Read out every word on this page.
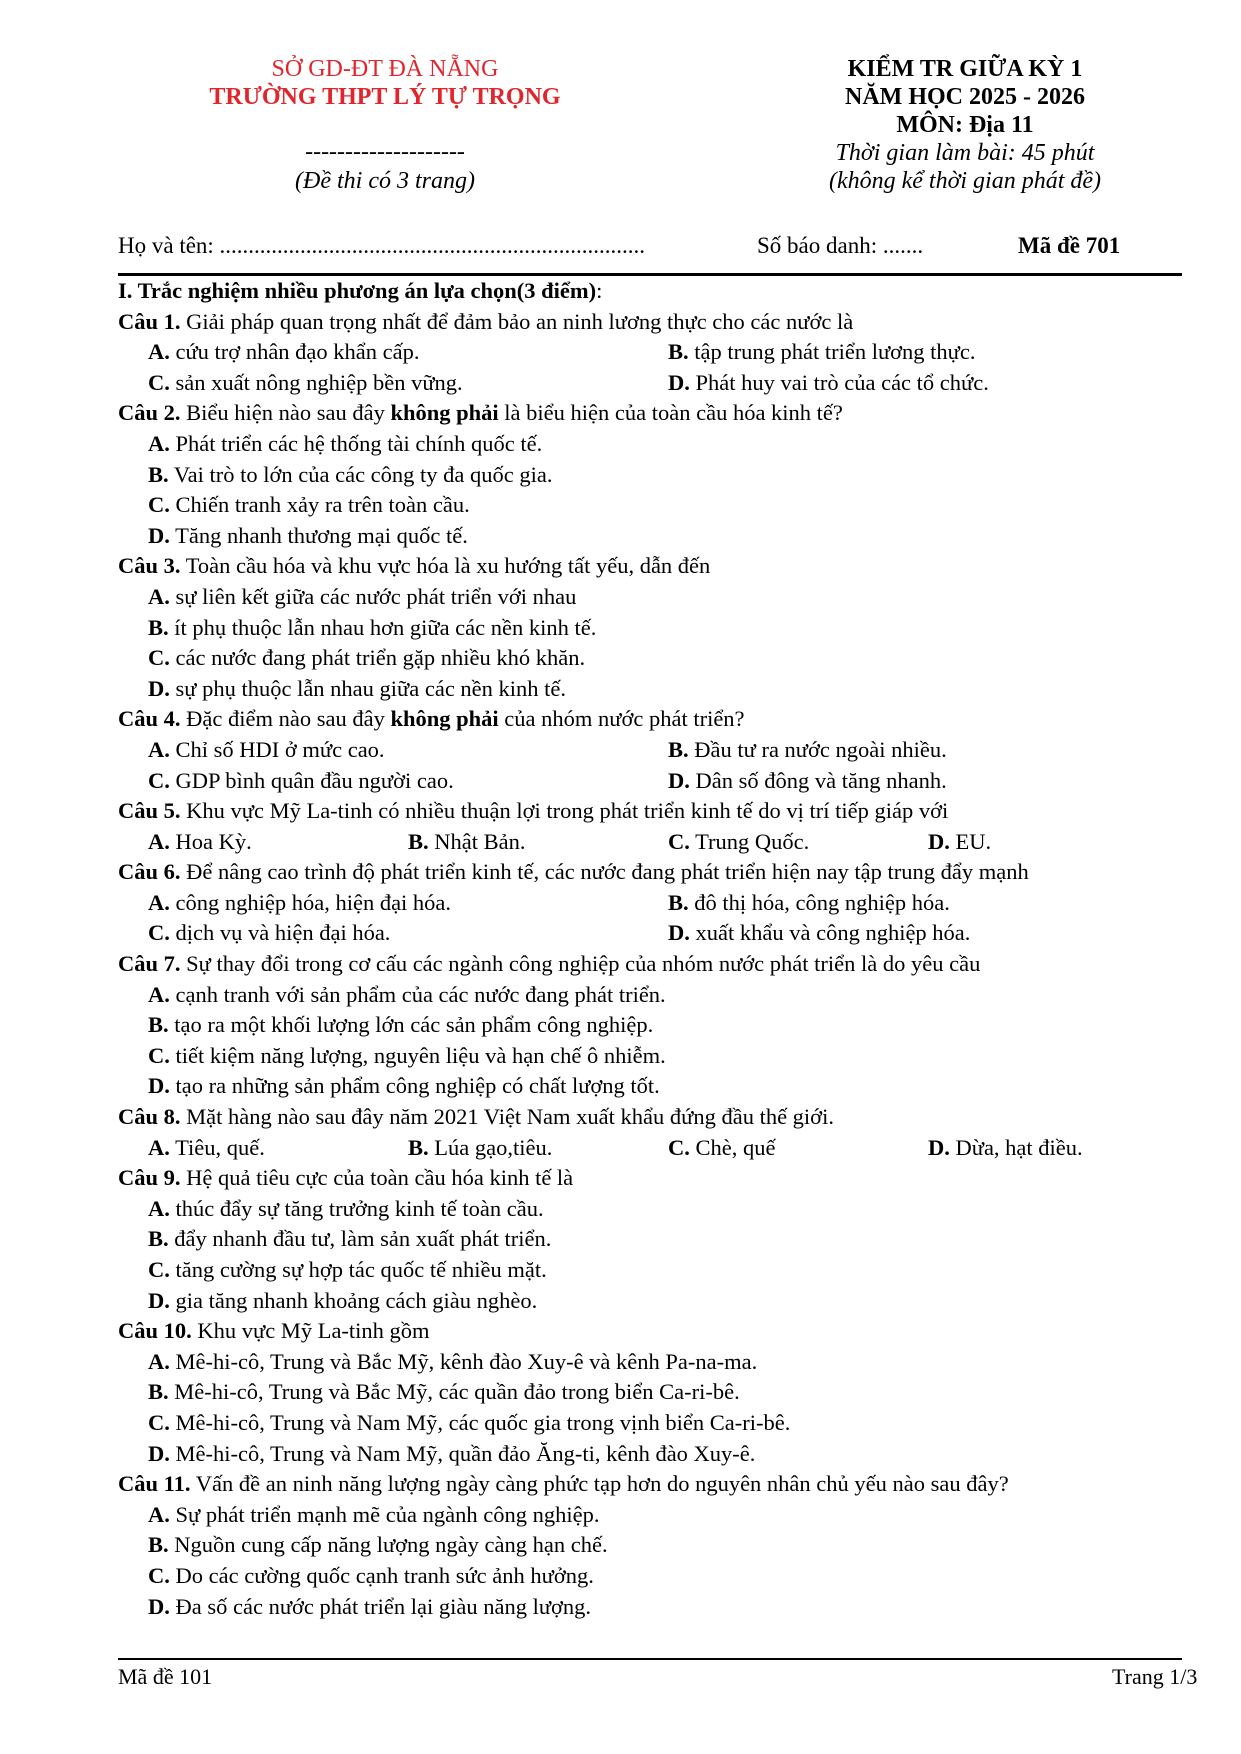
SỞ GD-ĐT ĐÀ NẴNG
TRƯỜNG THPT LÝ TỰ TRỌNG
--------------------
(Đề thi có 3 trang)
KIỂM TR GIỮA KỲ 1
NĂM HỌC 2025 - 2026
MÔN: Địa 11
Thời gian làm bài: 45 phút
(không kể thời gian phát đề)
Họ và tên: ..........................................................................	Số báo danh: .......	Mã đề 701
I. Trắc nghiệm nhiều phương án lựa chọn(3 điểm):
Câu 1. Giải pháp quan trọng nhất để đảm bảo an ninh lương thực cho các nước là
A. cứu trợ nhân đạo khẩn cấp.	B. tập trung phát triển lương thực.
C. sản xuất nông nghiệp bền vững.	D. Phát huy vai trò của các tổ chức.
Câu 2. Biểu hiện nào sau đây không phải là biểu hiện của toàn cầu hóa kinh tế?
A. Phát triển các hệ thống tài chính quốc tế.
B. Vai trò to lớn của các công ty đa quốc gia.
C. Chiến tranh xảy ra trên toàn cầu.
D. Tăng nhanh thương mại quốc tế.
Câu 3. Toàn cầu hóa và khu vực hóa là xu hướng tất yếu, dẫn đến
A. sự liên kết giữa các nước phát triển với nhau
B. ít phụ thuộc lẫn nhau hơn giữa các nền kinh tế.
C. các nước đang phát triển gặp nhiều khó khăn.
D. sự phụ thuộc lẫn nhau giữa các nền kinh tế.
Câu 4. Đặc điểm nào sau đây không phải của nhóm nước phát triển?
A. Chỉ số HDI ở mức cao.	B. Đầu tư ra nước ngoài nhiều.
C. GDP bình quân đầu người cao.	D. Dân số đông và tăng nhanh.
Câu 5. Khu vực Mỹ La-tinh có nhiều thuận lợi trong phát triển kinh tế do vị trí tiếp giáp với
A. Hoa Kỳ.	B. Nhật Bản.	C. Trung Quốc.	D. EU.
Câu 6. Để nâng cao trình độ phát triển kinh tế, các nước đang phát triển hiện nay tập trung đẩy mạnh
A. công nghiệp hóa, hiện đại hóa.	B. đô thị hóa, công nghiệp hóa.
C. dịch vụ và hiện đại hóa.	D. xuất khẩu và công nghiệp hóa.
Câu 7. Sự thay đổi trong cơ cấu các ngành công nghiệp của nhóm nước phát triển là do yêu cầu
A. cạnh tranh với sản phẩm của các nước đang phát triển.
B. tạo ra một khối lượng lớn các sản phẩm công nghiệp.
C. tiết kiệm năng lượng, nguyên liệu và hạn chế ô nhiễm.
D. tạo ra những sản phẩm công nghiệp có chất lượng tốt.
Câu 8. Mặt hàng nào sau đây năm 2021 Việt Nam xuất khẩu đứng đầu thế giới.
A. Tiêu, quế.	B. Lúa gạo,tiêu.	C. Chè, quế	D. Dừa, hạt điều.
Câu 9. Hệ quả tiêu cực của toàn cầu hóa kinh tế là
A. thúc đẩy sự tăng trưởng kinh tế toàn cầu.
B. đẩy nhanh đầu tư, làm sản xuất phát triển.
C. tăng cường sự hợp tác quốc tế nhiều mặt.
D. gia tăng nhanh khoảng cách giàu nghèo.
Câu 10. Khu vực Mỹ La-tinh gồm
A. Mê-hi-cô, Trung và Bắc Mỹ, kênh đào Xuy-ê và kênh Pa-na-ma.
B. Mê-hi-cô, Trung và Bắc Mỹ, các quần đảo trong biển Ca-ri-bê.
C. Mê-hi-cô, Trung và Nam Mỹ, các quốc gia trong vịnh biển Ca-ri-bê.
D. Mê-hi-cô, Trung và Nam Mỹ, quần đảo Ăng-ti, kênh đào Xuy-ê.
Câu 11. Vấn đề an ninh năng lượng ngày càng phức tạp hơn do nguyên nhân chủ yếu nào sau đây?
A. Sự phát triển mạnh mẽ của ngành công nghiệp.
B. Nguồn cung cấp năng lượng ngày càng hạn chế.
C. Do các cường quốc cạnh tranh sức ảnh hưởng.
D. Đa số các nước phát triển lại giàu năng lượng.
Mã đề 101	Trang 1/3
